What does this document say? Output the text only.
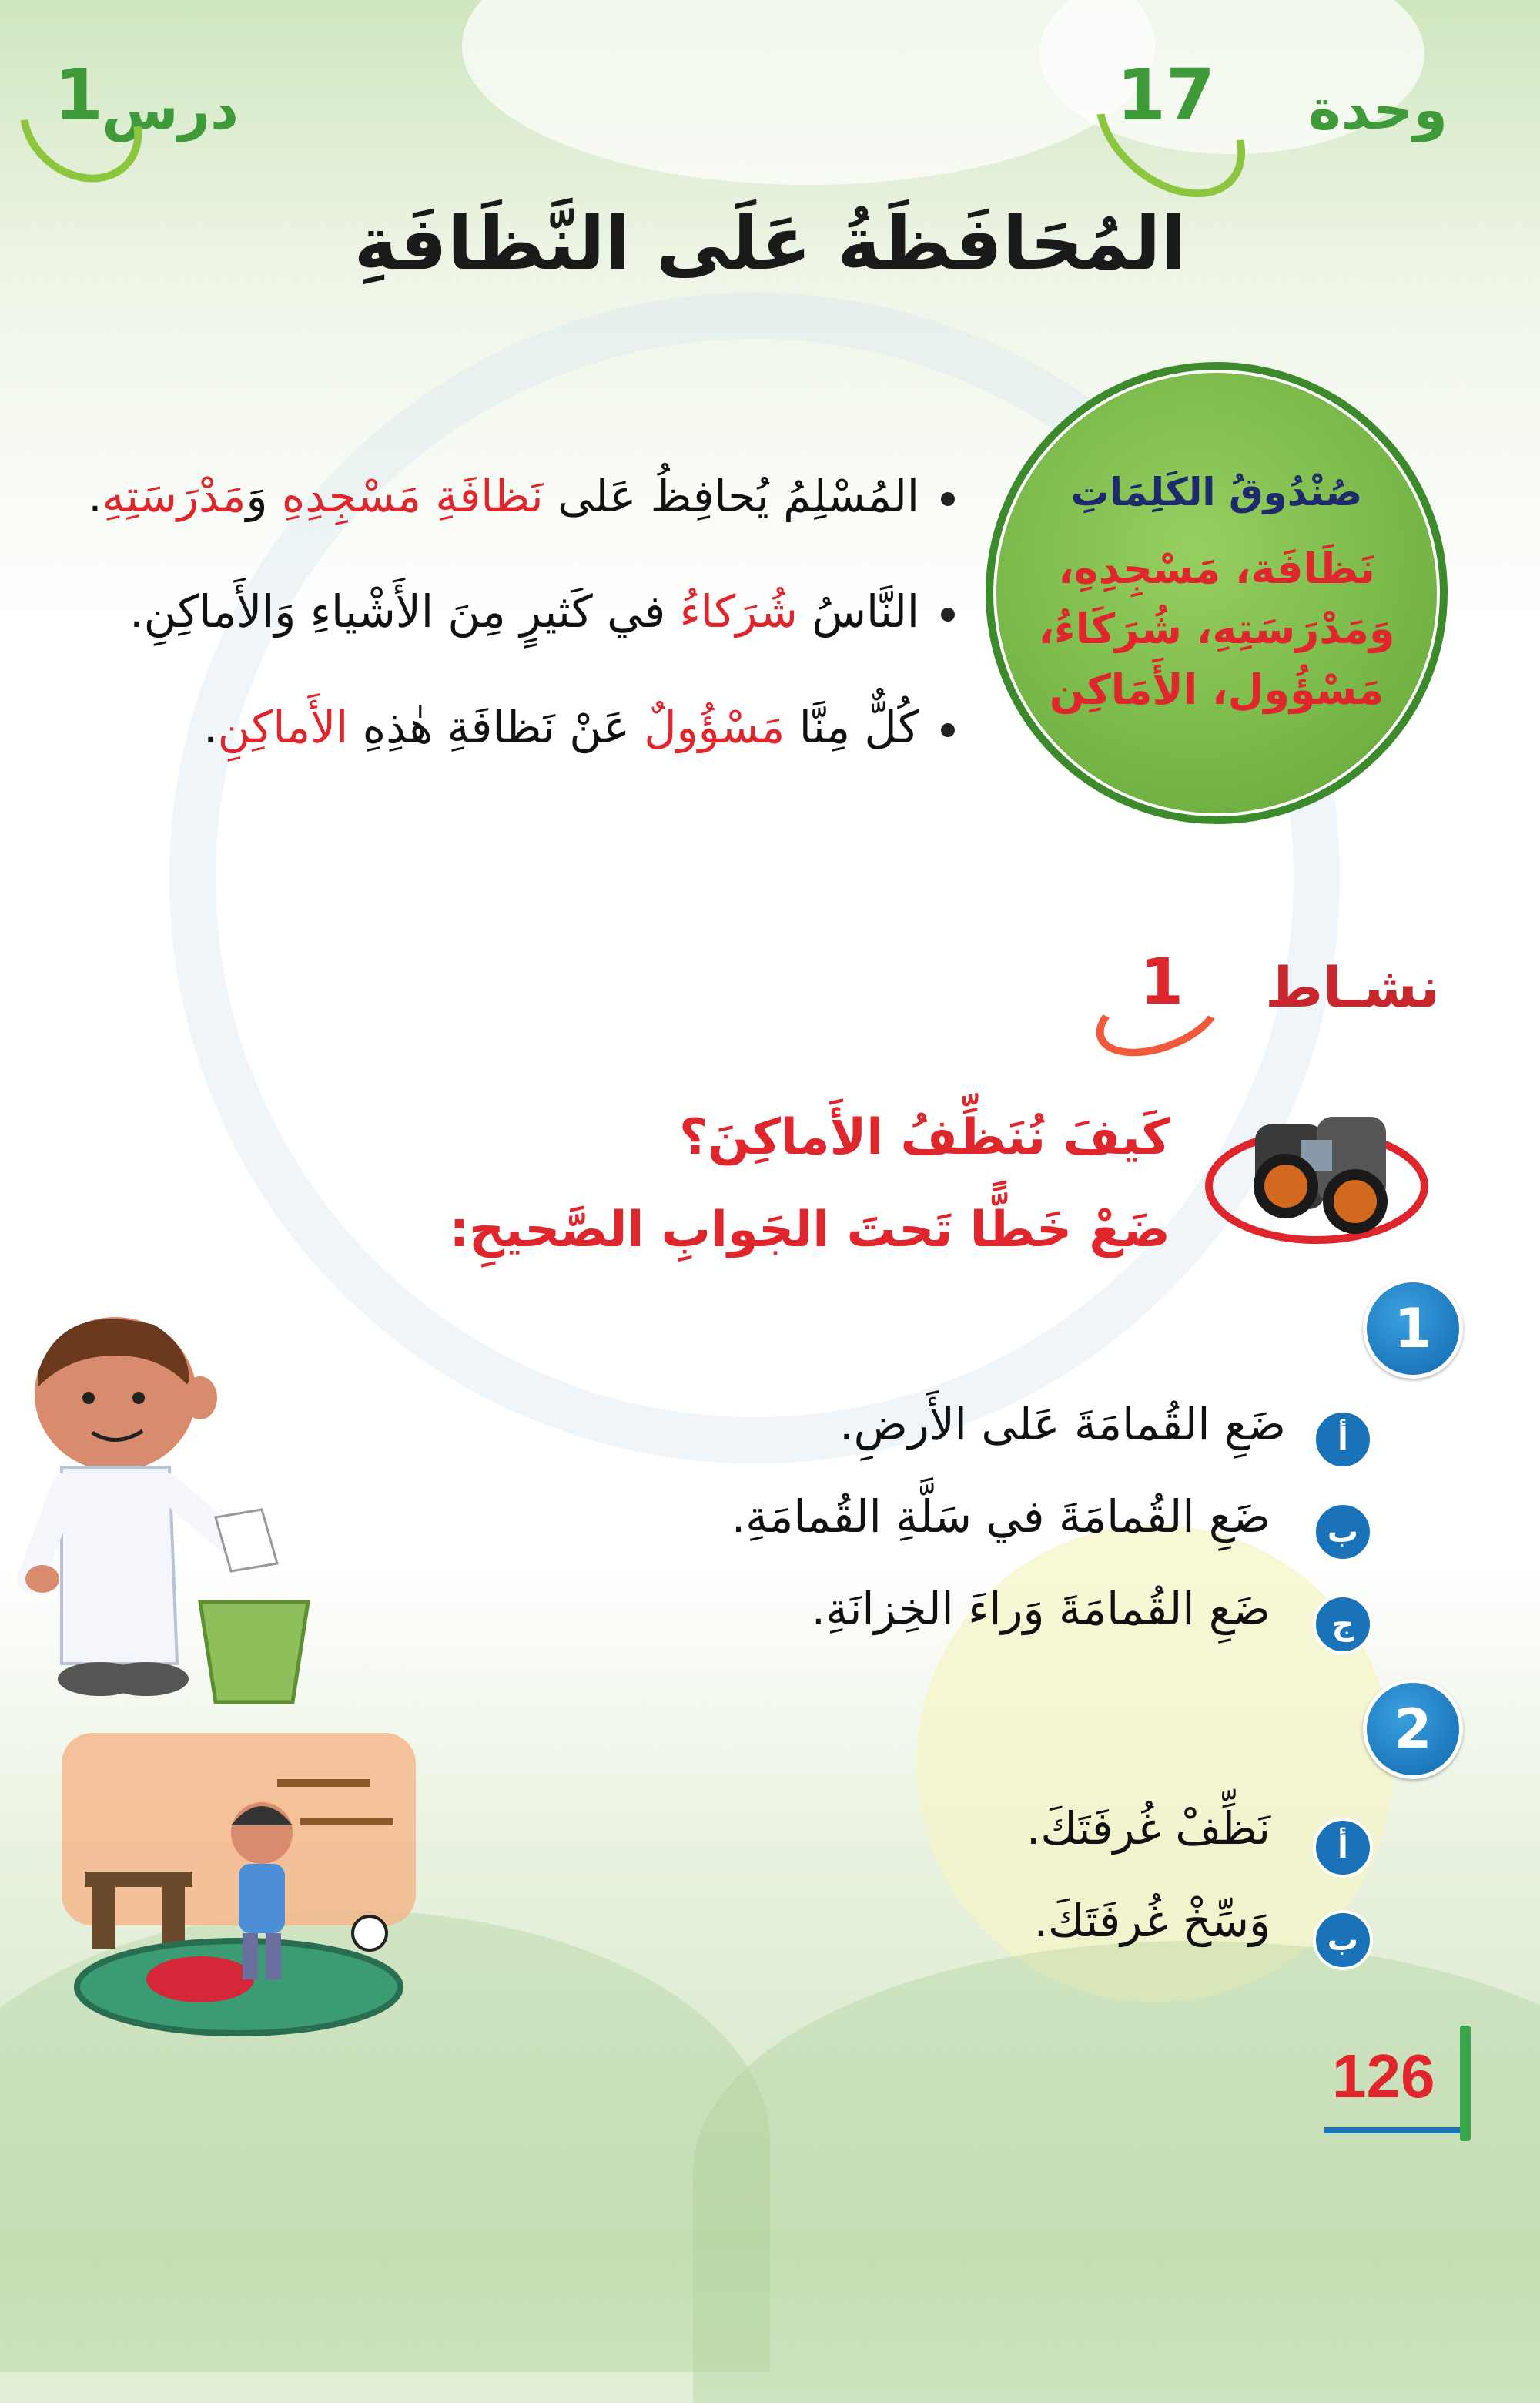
وحدة
17
درس
1
المُحَافَظَةُ عَلَى النَّظَافَةِ
المُسْلِمُ يُحافِظُ عَلى نَظافَةِ مَسْجِدِهِ وَمَدْرَسَتِهِ.
النَّاسُ شُرَكاءُ في كَثيرٍ مِنَ الأَشْياءِ وَالأَماكِنِ.
كُلٌّ مِنَّا مَسْؤُولٌ عَنْ نَظافَةِ هٰذِهِ الأَماكِنِ.
صُنْدُوقُ الكَلِمَاتِ
نَظَافَة، مَسْجِدِهِ،
وَمَدْرَسَتِهِ، شُرَكَاءُ،
مَسْؤُول، الأَمَاكِن
نشـاط
1
كَيفَ نُنَظِّفُ الأَماكِنَ؟
ضَعْ خَطًّا تَحتَ الجَوابِ الصَّحيحِ:
1
أ
ضَعِ القُمامَةَ عَلى الأَرضِ.
ب
ضَعِ القُمامَةَ في سَلَّةِ القُمامَةِ.
ج
ضَعِ القُمامَةَ وَراءَ الخِزانَةِ.
2
أ
نَظِّفْ غُرفَتَكَ.
ب
وَسِّخْ غُرفَتَكَ.
126
